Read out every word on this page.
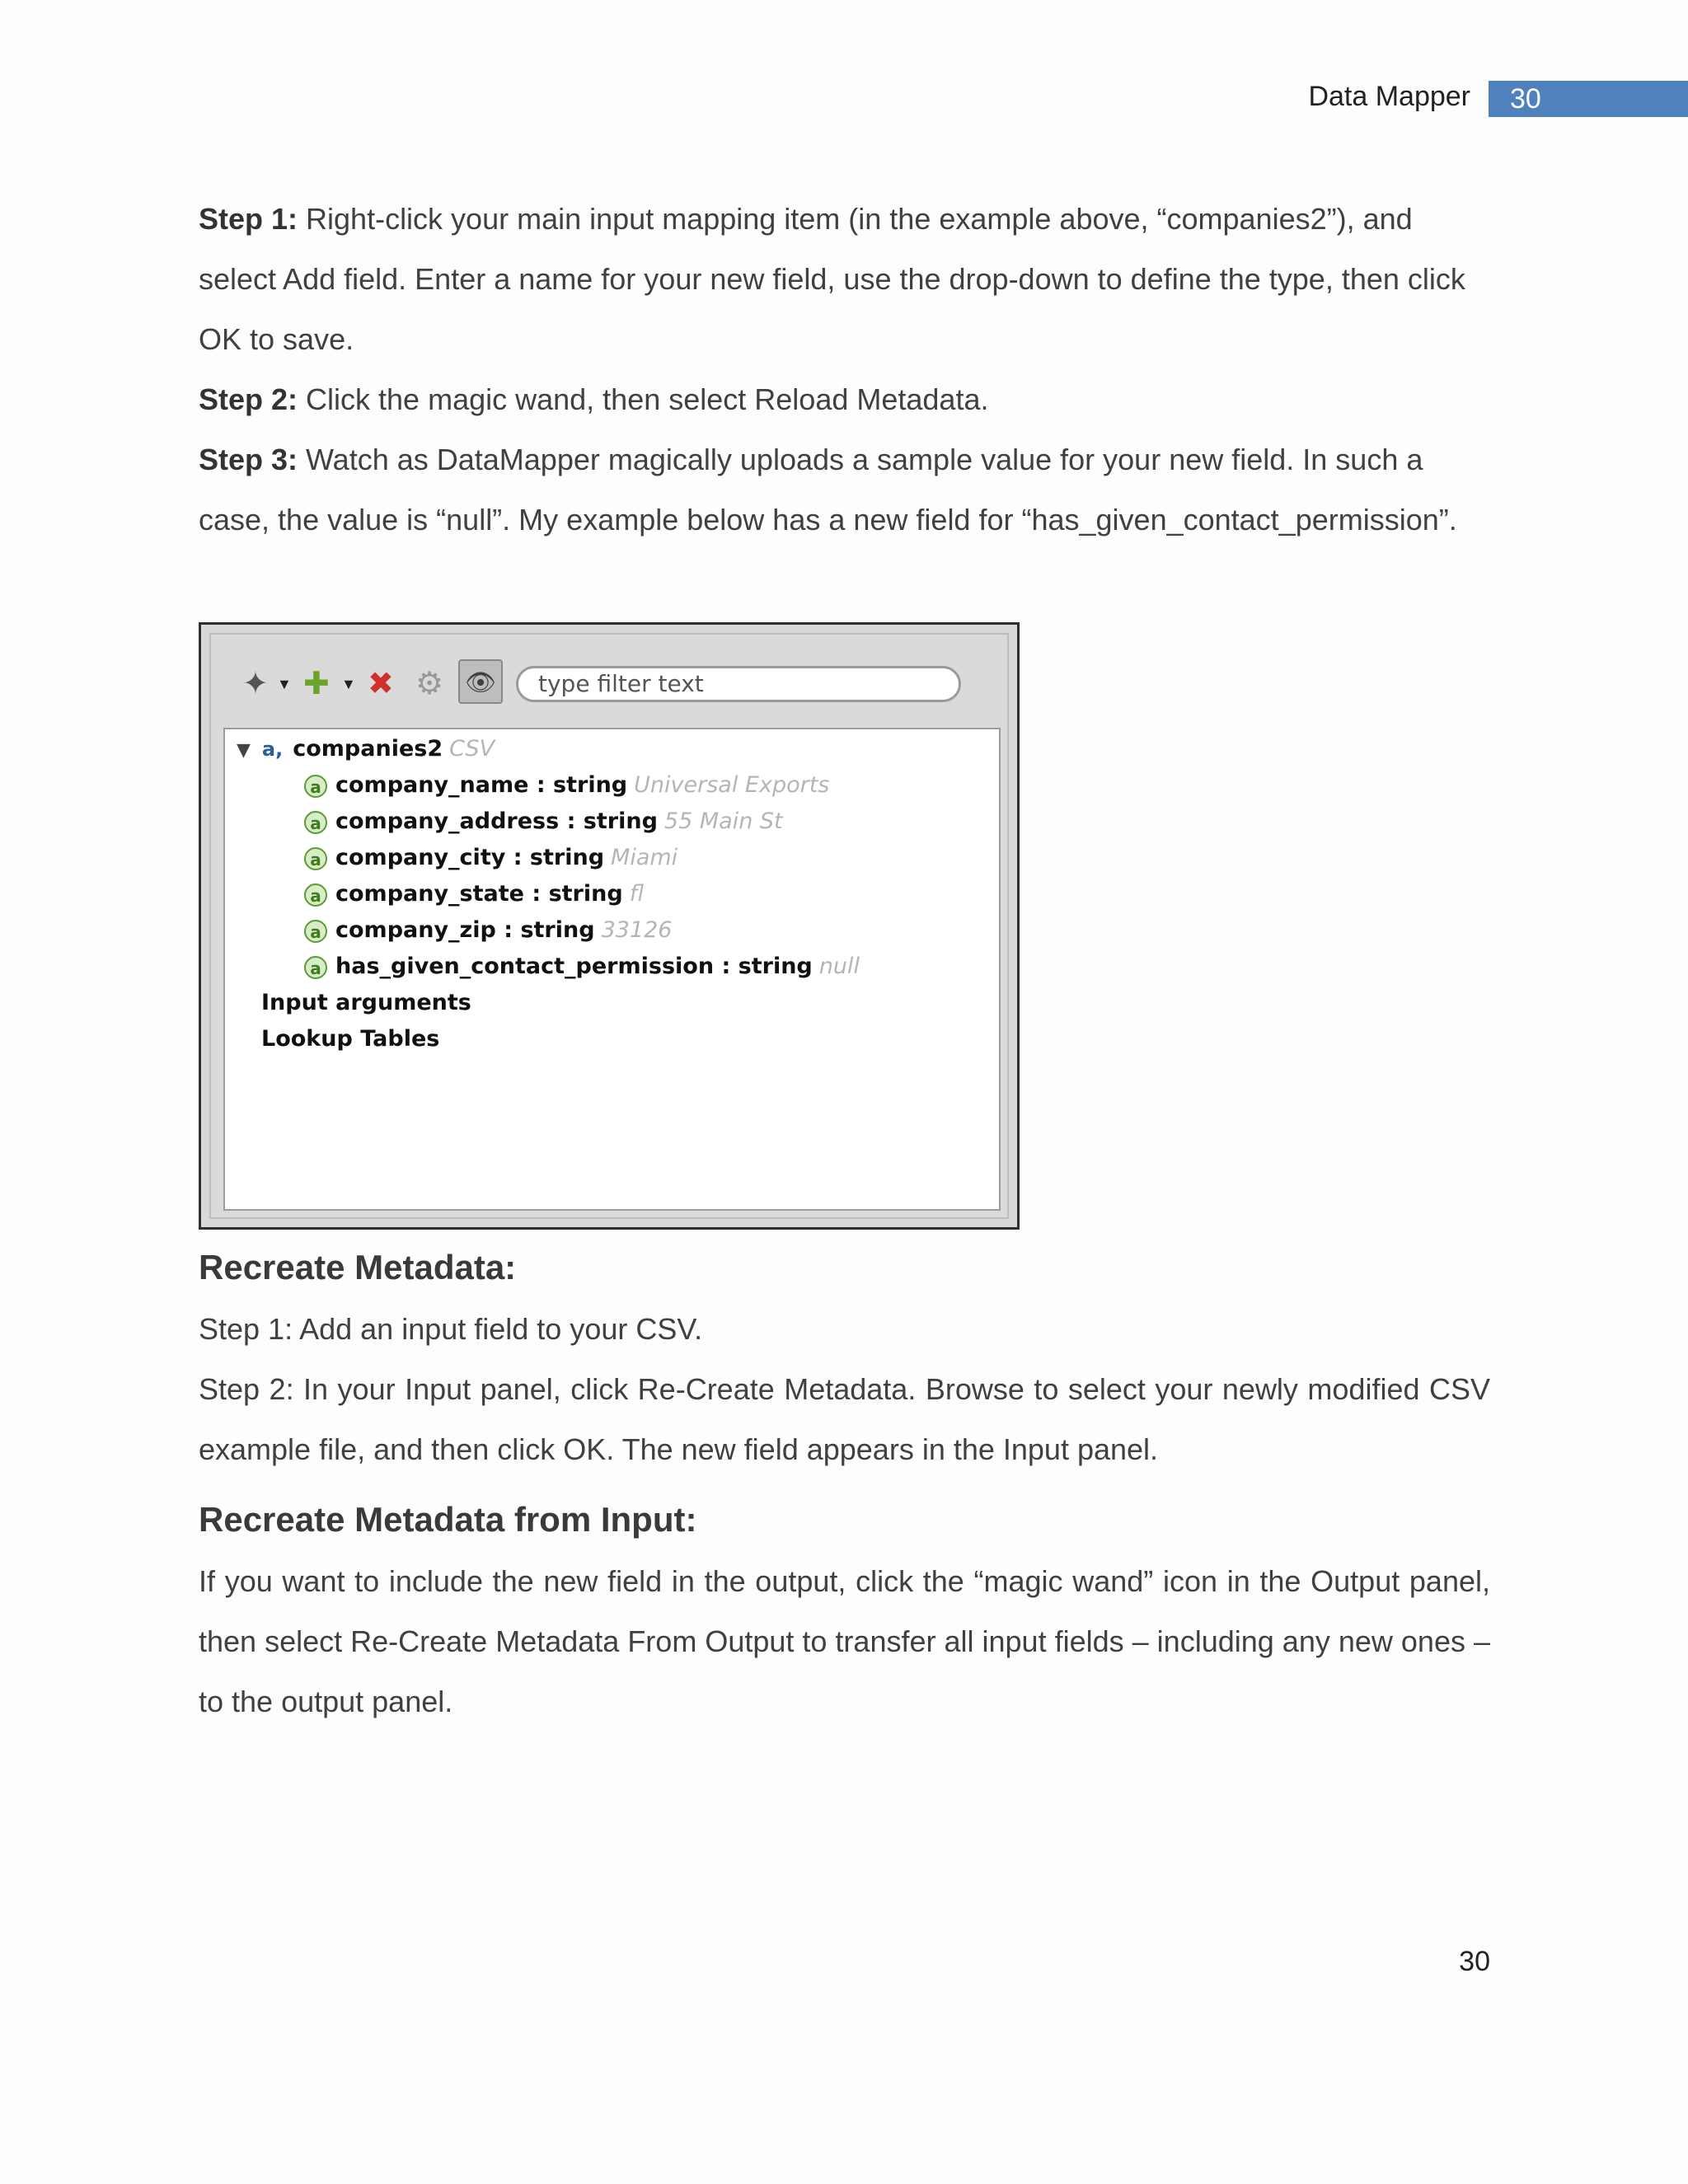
Data Mapper	30

Step 1: Right-click your main input mapping item (in the example above, “companies2”), and select Add field. Enter a name for your new field, use the drop-down to define the type, then click OK to save.

Step 2: Click the magic wand, then select Reload Metadata.

Step 3: Watch as DataMapper magically uploads a sample value for your new field. In such a case, the value is “null”. My example below has a new field for “has_given_contact_permission”.

✦ ▼ ✚ ▼ ✖ ⚙ 👁	type filter text
▼ a, companies2 CSV
a company_name : string Universal Exports
a company_address : string 55 Main St
a company_city : string Miami
a company_state : string fl
a company_zip : string 33126
a has_given_contact_permission : string null
Input arguments
Lookup Tables
Recreate Metadata:

Step 1: Add an input field to your CSV.

Step 2: In your Input panel, click Re-Create Metadata. Browse to select your newly modified CSV example file, and then click OK. The new field appears in the Input panel.

Recreate Metadata from Input:

If you want to include the new field in the output, click the “magic wand” icon in the Output panel, then select Re-Create Metadata From Output to transfer all input fields – including any new ones – to the output panel.

30
